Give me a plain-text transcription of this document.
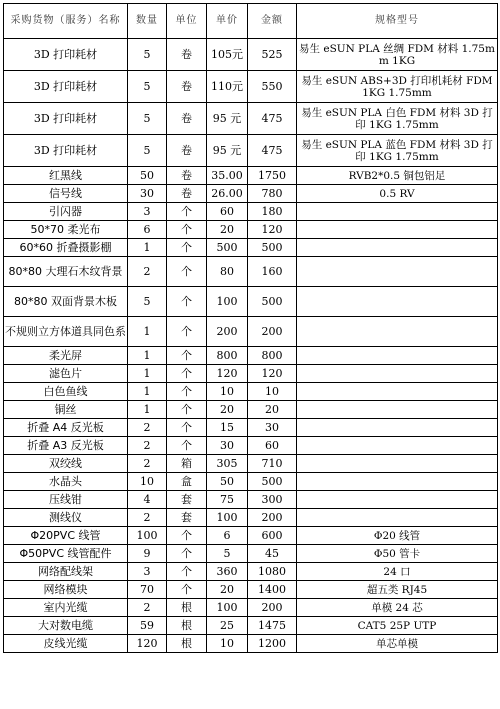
采购货物（服务）名称	数量	单位	单价	金额	规格型号
3D 打印耗材	5	卷	105元	525	易生 eSUN PLA 丝绸 FDM 材料 1.75mm 1KG
3D 打印耗材	5	卷	110元	550	易生 eSUN ABS+3D 打印机耗材 FDM 1KG 1.75mm
3D 打印耗材	5	卷	95 元	475	易生 eSUN PLA 白色 FDM 材料 3D 打印 1KG 1.75mm
3D 打印耗材	5	卷	95 元	475	易生 eSUN PLA 蓝色 FDM 材料 3D 打印 1KG 1.75mm
红黑线	50	卷	35.00	1750	RVB2*0.5 铜包铝足
信号线	30	卷	26.00	780	0.5 RV
引闪器	3	个	60	180	
50*70 柔光布	6	个	20	120	
60*60 折叠摄影棚	1	个	500	500	
80*80 大理石木纹背景	2	个	80	160	
80*80 双面背景木板	5	个	100	500	
不规则立方体道具同色系	1	个	200	200	
柔光屏	1	个	800	800	
滤色片	1	个	120	120	
白色鱼线	1	个	10	10	
铜丝	1	个	20	20	
折叠 A4 反光板	2	个	15	30	
折叠 A3 反光板	2	个	30	60	
双绞线	2	箱	305	710	
水晶头	10	盒	50	500	
压线钳	4	套	75	300	
测线仪	2	套	100	200	
Φ20PVC 线管	100	个	6	600	Φ20 线管
Φ50PVC 线管配件	9	个	5	45	Φ50 管卡
网络配线架	3	个	360	1080	24 口
网络模块	70	个	20	1400	超五类 RJ45
室内光缆	2	根	100	200	单模 24 芯
大对数电缆	59	根	25	1475	CAT5 25P UTP
皮线光缆	120	根	10	1200	单芯单模
